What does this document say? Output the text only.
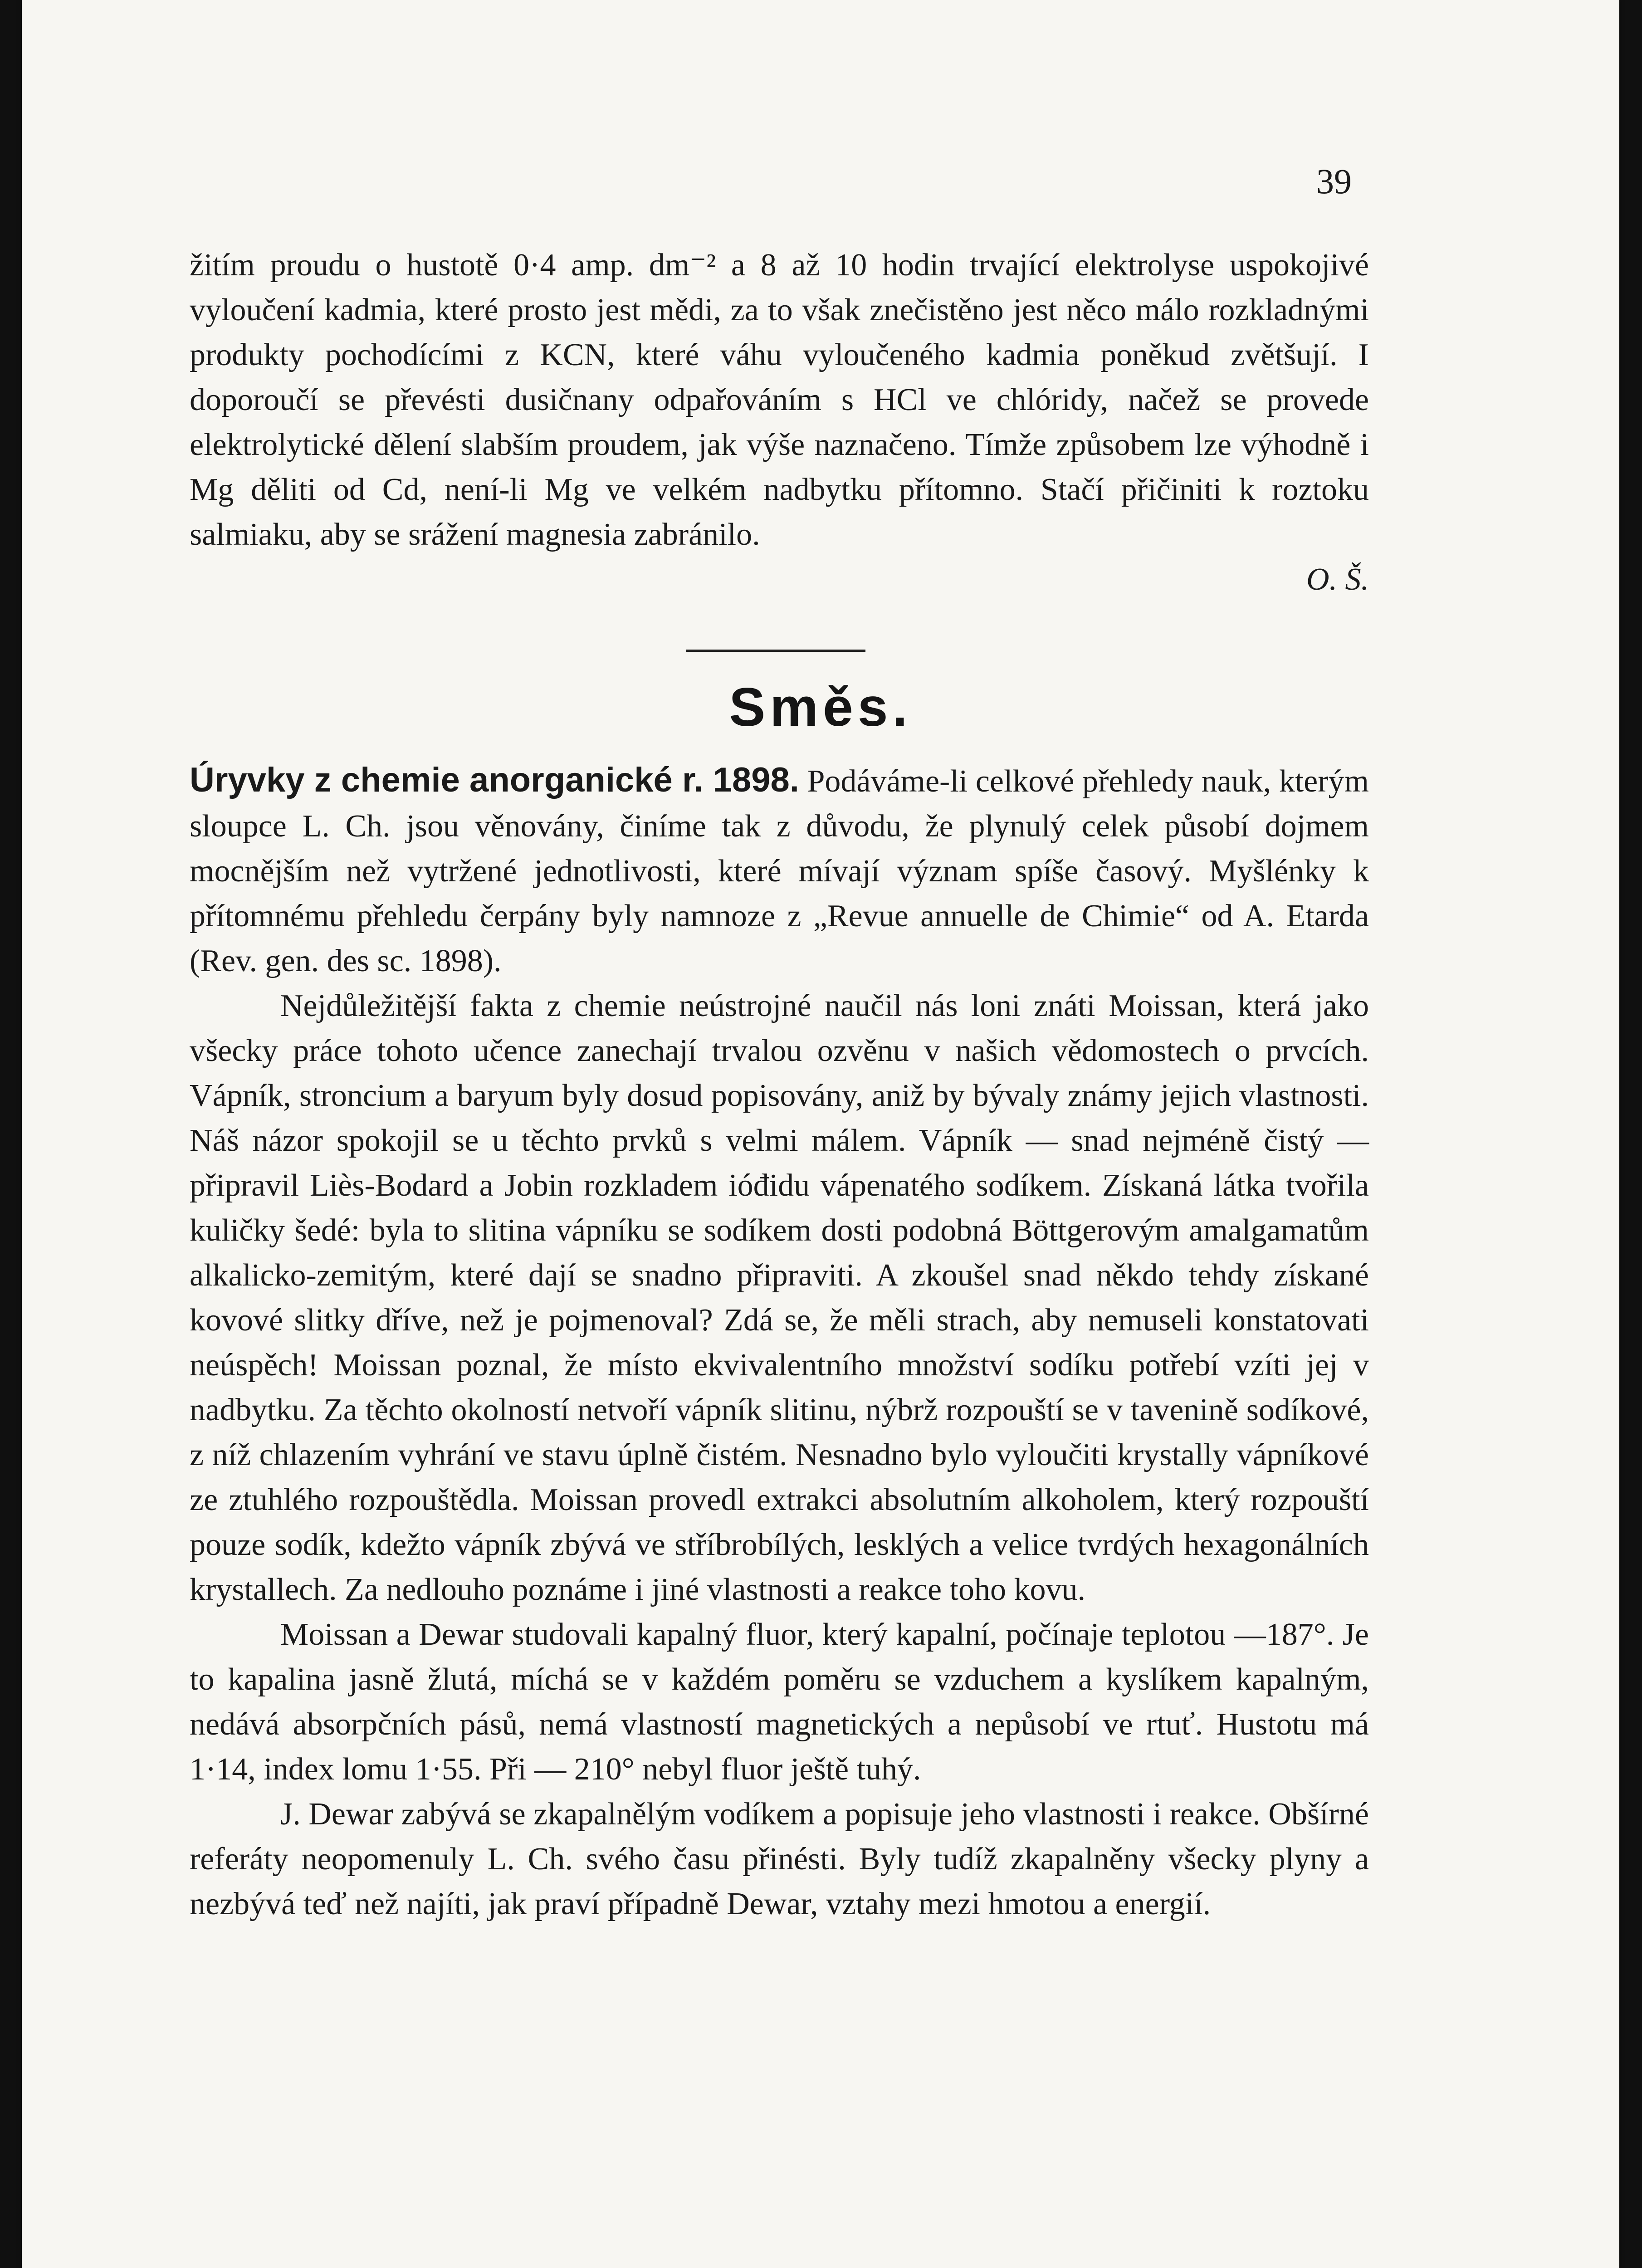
39

žitím proudu o hustotě 0·4 amp. dm⁻² a 8 až 10 hodin trvající elektrolyse uspokojivé vyloučení kadmia, které prosto jest mědi, za to však znečistěno jest něco málo rozkladnými produkty pochodícími z KCN, které váhu vyloučeného kadmia poněkud zvětšují. I doporoučí se převésti dusičnany odpařováním s HCl ve chlóridy, načež se provede elektrolytické dělení slabším proudem, jak výše naznačeno. Tímže způsobem lze výhodně i Mg děliti od Cd, není-li Mg ve velkém nadbytku přítomno. Stačí přičiniti k roztoku salmiaku, aby se srážení magnesia zabránilo.

O. Š.

Směs.

Úryvky z chemie anorganické r. 1898. Podáváme-li celkové přehledy nauk, kterým sloupce L. Ch. jsou věnovány, činíme tak z důvodu, že plynulý celek působí dojmem mocnějším než vytržené jednotlivosti, které mívají význam spíše časový. Myšlénky k přítomnému přehledu čerpány byly namnoze z „Revue annuelle de Chimie“ od A. Etarda (Rev. gen. des sc. 1898).

Nejdůležitější fakta z chemie neústrojné naučil nás loni znáti Moissan, která jako všecky práce tohoto učence zanechají trvalou ozvěnu v našich vědomostech o prvcích. Vápník, stroncium a baryum byly dosud popisovány, aniž by bývaly známy jejich vlastnosti. Náš názor spokojil se u těchto prvků s velmi málem. Vápník — snad nejméně čistý — připravil Liès-Bodard a Jobin rozkladem ióđidu vápenatého sodíkem. Získaná látka tvořila kuličky šedé: byla to slitina vápníku se sodíkem dosti podobná Böttgerovým amalgamatům alkalicko-zemitým, které dají se snadno připraviti. A zkoušel snad někdo tehdy získané kovové slitky dříve, než je pojmenoval? Zdá se, že měli strach, aby nemuseli konstatovati neúspěch! Moissan poznal, že místo ekvivalentního množství sodíku potřebí vzíti jej v nadbytku. Za těchto okolností netvoří vápník slitinu, nýbrž rozpouští se v tavenině sodíkové, z níž chlazením vyhrání ve stavu úplně čistém. Nesnadno bylo vyloučiti krystally vápníkové ze ztuhlého rozpouštědla. Moissan provedl extrakci absolutním alkoholem, který rozpouští pouze sodík, kdežto vápník zbývá ve stříbrobílých, lesklých a velice tvrdých hexagonálních krystallech. Za nedlouho poznáme i jiné vlastnosti a reakce toho kovu.

Moissan a Dewar studovali kapalný fluor, který kapalní, počínaje teplotou —187°. Je to kapalina jasně žlutá, míchá se v každém poměru se vzduchem a kyslíkem kapalným, nedává absorpčních pásů, nemá vlastností magnetických a nepůsobí ve rtuť. Hustotu má 1·14, index lomu 1·55. Při — 210° nebyl fluor ještě tuhý.

J. Dewar zabývá se zkapalnělým vodíkem a popisuje jeho vlastnosti i reakce. Obšírné referáty neopomenuly L. Ch. svého času přinésti. Byly tudíž zkapalněny všecky plyny a nezbývá teď než najíti, jak praví případně Dewar, vztahy mezi hmotou a energií.
